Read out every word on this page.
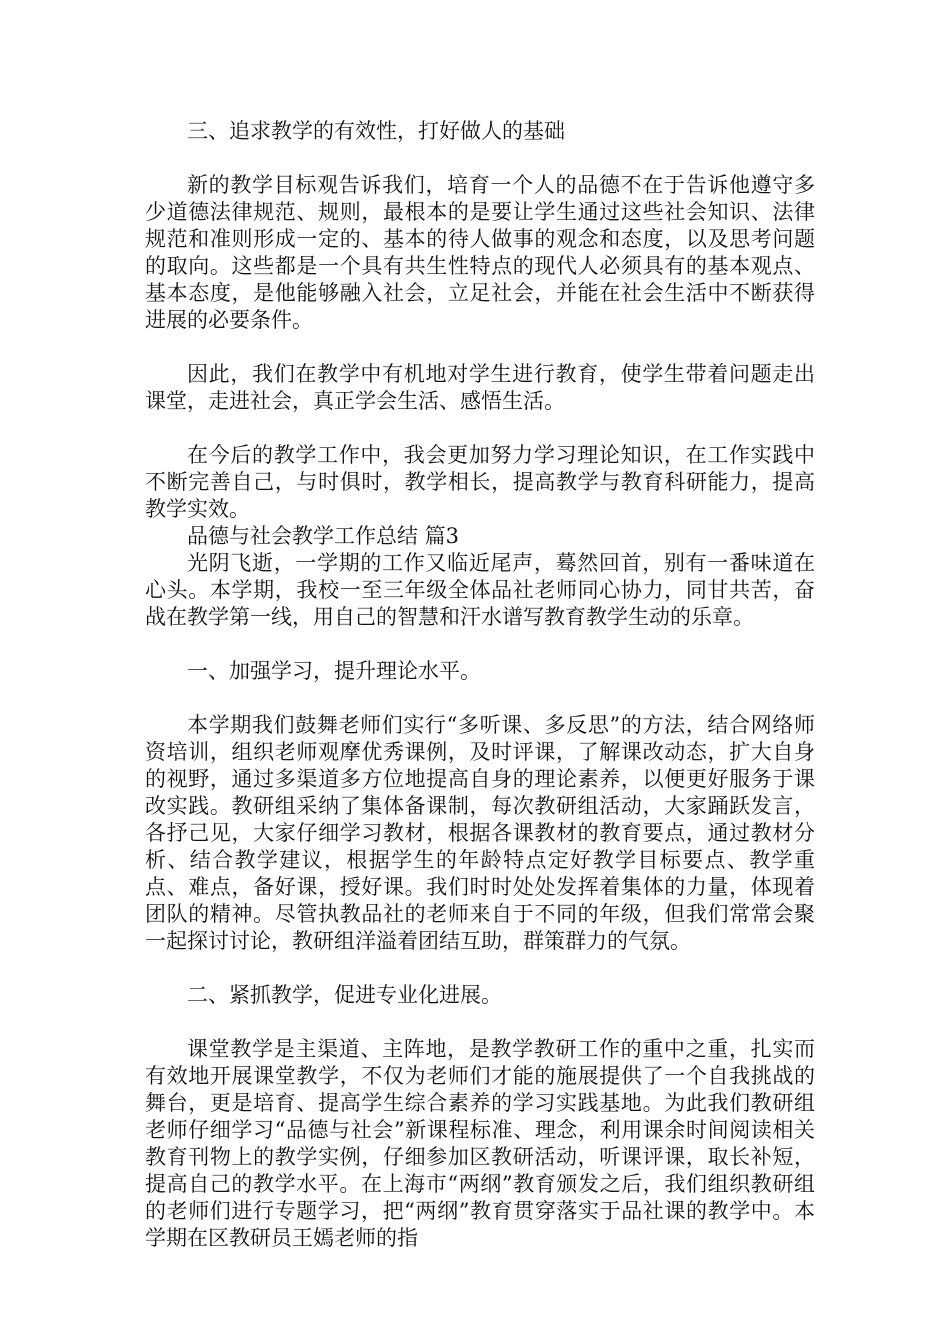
三、追求教学的有效性，打好做人的基础

新的教学目标观告诉我们，培育一个人的品德不在于告诉他遵守多少道德法律规范、规则，最根本的是要让学生通过这些社会知识、法律规范和准则形成一定的、基本的待人做事的观念和态度，以及思考问题的取向。这些都是一个具有共生性特点的现代人必须具有的基本观点、基本态度，是他能够融入社会，立足社会，并能在社会生活中不断获得进展的必要条件。

因此，我们在教学中有机地对学生进行教育，使学生带着问题走出课堂，走进社会，真正学会生活、感悟生活。

在今后的教学工作中，我会更加努力学习理论知识，在工作实践中不断完善自己，与时俱时，教学相长，提高教学与教育科研能力，提高教学实效。

品德与社会教学工作总结 篇3

光阴飞逝，一学期的工作又临近尾声，蓦然回首，别有一番味道在心头。本学期，我校一至三年级全体品社老师同心协力，同甘共苦，奋战在教学第一线，用自己的智慧和汗水谱写教育教学生动的乐章。

一、加强学习，提升理论水平。

本学期我们鼓舞老师们实行“多听课、多反思”的方法，结合网络师资培训，组织老师观摩优秀课例，及时评课，了解课改动态，扩大自身的视野，通过多渠道多方位地提高自身的理论素养，以便更好服务于课改实践。教研组采纳了集体备课制，每次教研组活动，大家踊跃发言，各抒己见，大家仔细学习教材，根据各课教材的教育要点，通过教材分析、结合教学建议，根据学生的年龄特点定好教学目标要点、教学重点、难点，备好课，授好课。我们时时处处发挥着集体的力量，体现着团队的精神。尽管执教品社的老师来自于不同的年级，但我们常常会聚一起探讨讨论，教研组洋溢着团结互助，群策群力的气氛。

二、紧抓教学，促进专业化进展。

课堂教学是主渠道、主阵地，是教学教研工作的重中之重，扎实而有效地开展课堂教学，不仅为老师们才能的施展提供了一个自我挑战的舞台，更是培育、提高学生综合素养的学习实践基地。为此我们教研组老师仔细学习“品德与社会”新课程标准、理念，利用课余时间阅读相关教育刊物上的教学实例，仔细参加区教研活动，听课评课，取长补短，提高自己的教学水平。在上海市“两纲”教育颁发之后，我们组织教研组的老师们进行专题学习，把“两纲”教育贯穿落实于品社课的教学中。本学期在区教研员王嫣老师的指
